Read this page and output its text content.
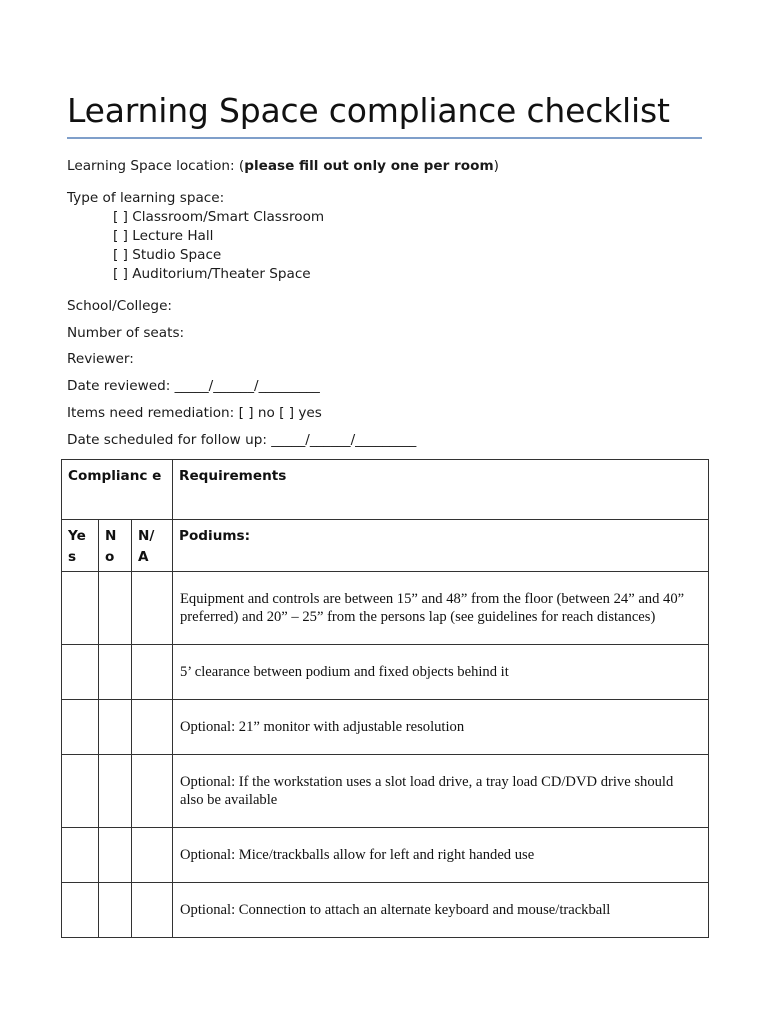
Learning Space compliance checklist
Learning Space location: (please fill out only one per room)
Type of learning space:
[ ] Classroom/Smart Classroom
[ ] Lecture Hall
[ ] Studio Space
[ ] Auditorium/Theater Space
School/College:
Number of seats:
Reviewer:
Date reviewed: _____/______/_________
Items need remediation: [ ] no [ ] yes
Date scheduled for follow up: _____/______/_________
Complianc e			Requirements
Ye s	N o	N/ A	Podiums:
			Equipment and controls are between 15” and 48” from the floor (between 24” and 40” preferred) and 20” – 25” from the persons lap (see guidelines for reach distances)
			5’ clearance between podium and fixed objects behind it
			Optional: 21” monitor with adjustable resolution
			Optional: If the workstation uses a slot load drive, a tray load CD/DVD drive should also be available
			Optional: Mice/trackballs allow for left and right handed use
			Optional: Connection to attach an alternate keyboard and mouse/trackball
